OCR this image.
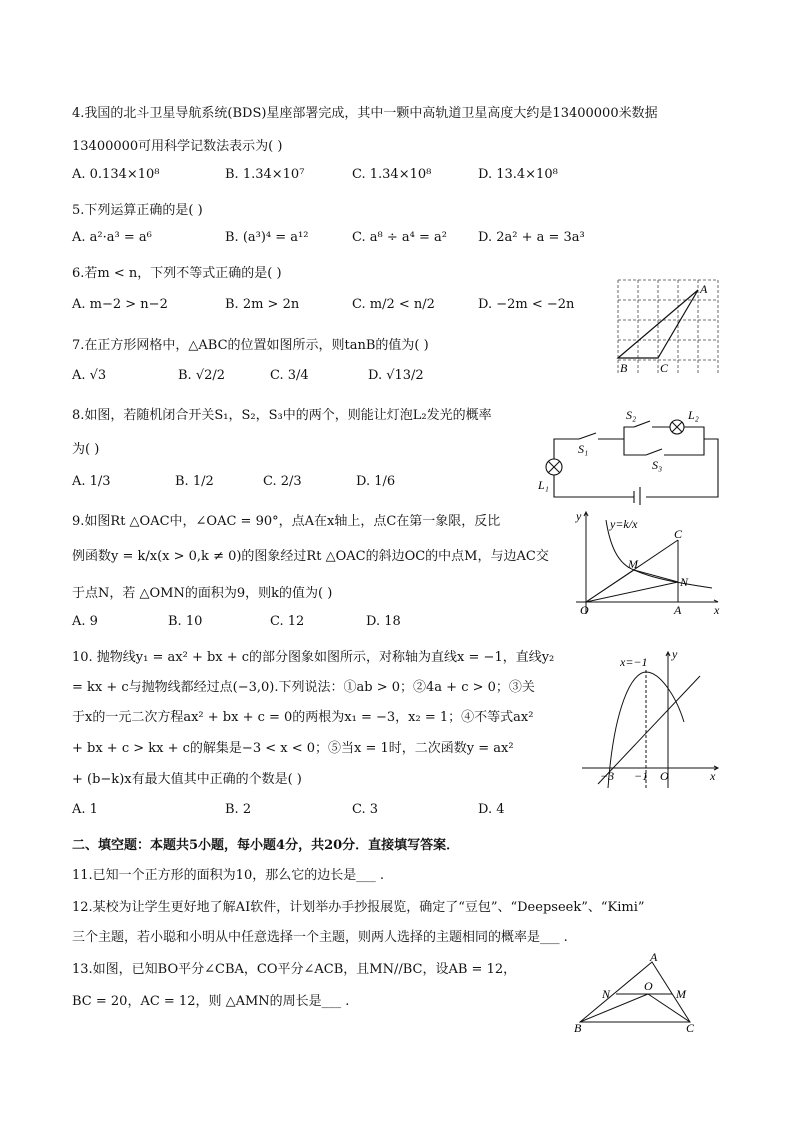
4.我国的北斗卫星导航系统(BDS)星座部署完成，其中一颗中高轨道卫星高度大约是13400000米数据
13400000可用科学记数法表示为( )
A. 0.134×10⁸	B. 1.34×10⁷	C. 1.34×10⁸	D. 13.4×10⁸
5.下列运算正确的是( )
A. a²·a³ = a⁶	B. (a³)⁴ = a¹²	C. a⁸ ÷ a⁴ = a² D. 2a² + a = 3a³
6.若m < n，下列不等式正确的是( )
A. m−2 > n−2	B. 2m > 2n	C. m/2 < n/2	D. −2m < −2n
7.在正方形网格中，△ABC的位置如图所示，则tanB的值为( )
A. √3	B. √2/2	C. 3/4	D. √13/2
A
B	C
8.如图，若随机闭合开关S₁，S₂，S₃中的两个，则能让灯泡L₂发光的概率
为( )
A. 1/3	B. 1/2	C. 2/3	D. 1/6
S₂	L₂
S₁
S₃
L₁
9.如图Rt △OAC中，∠OAC = 90°，点A在x轴上，点C在第一象限，反比
例函数y = k/x(x > 0,k ≠ 0)的图象经过Rt △OAC的斜边OC的中点M，与边AC交
于点N，若 △OMN的面积为9，则k的值为( )
A. 9	B. 10	C. 12	D. 18
y
y=k/x
C
M
N
O	A	x
10. 抛物线y₁ = ax² + bx + c的部分图象如图所示，对称轴为直线x = −1，直线y₂
= kx + c与抛物线都经过点(−3,0).下列说法：①ab > 0；②4a + c > 0；③关
于x的一元二次方程ax² + bx + c = 0的两根为x₁ = −3，x₂ = 1；④不等式ax²
+ bx + c > kx + c的解集是−3 < x < 0；⑤当x = 1时，二次函数y = ax²
+ (b−k)x有最大值其中正确的个数是( )
A. 1	B. 2	C. 3	D. 4
x=−1
y
−3 −1 O	x
二、填空题：本题共5小题，每小题4分，共20分．直接填写答案．
11.已知一个正方形的面积为10，那么它的边长是___ .
12.某校为让学生更好地了解AI软件，计划举办手抄报展览，确定了“豆包”、“Deepseek”、“Kimi”
三个主题，若小聪和小明从中任意选择一个主题，则两人选择的主题相同的概率是___ .
13.如图，已知BO平分∠CBA，CO平分∠ACB，且MN//BC，设AB = 12，
BC = 20，AC = 12，则 △AMN的周长是___ .
A
N
O
M
B	C
